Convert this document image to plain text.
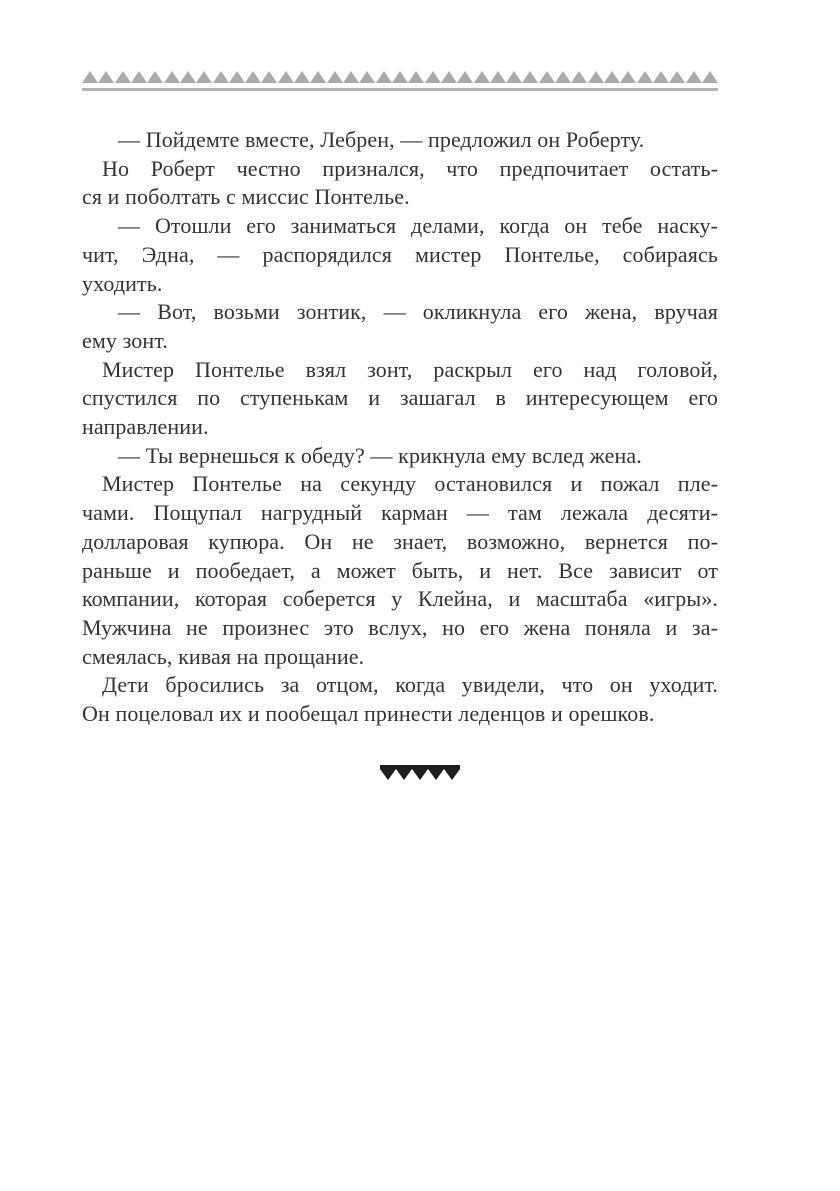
— Пойдемте вместе, Лебрен, — предложил он Роберту.
Но Роберт честно признался, что предпочитает остать-
ся и поболтать с миссис Понтелье.
— Отошли его заниматься делами, когда он тебе наску-
чит, Эдна, — распорядился мистер Понтелье, собираясь
уходить.
— Вот, возьми зонтик, — окликнула его жена, вручая
ему зонт.
Мистер Понтелье взял зонт, раскрыл его над головой,
спустился по ступенькам и зашагал в интересующем его
направлении.
— Ты вернешься к обеду? — крикнула ему вслед жена.
Мистер Понтелье на секунду остановился и пожал пле-
чами. Пощупал нагрудный карман — там лежала десяти-
долларовая купюра. Он не знает, возможно, вернется по-
раньше и пообедает, а может быть, и нет. Все зависит от
компании, которая соберется у Клейна, и масштаба «игры».
Мужчина не произнес это вслух, но его жена поняла и за-
смеялась, кивая на прощание.
Дети бросились за отцом, когда увидели, что он уходит.
Он поцеловал их и пообещал принести леденцов и орешков.
